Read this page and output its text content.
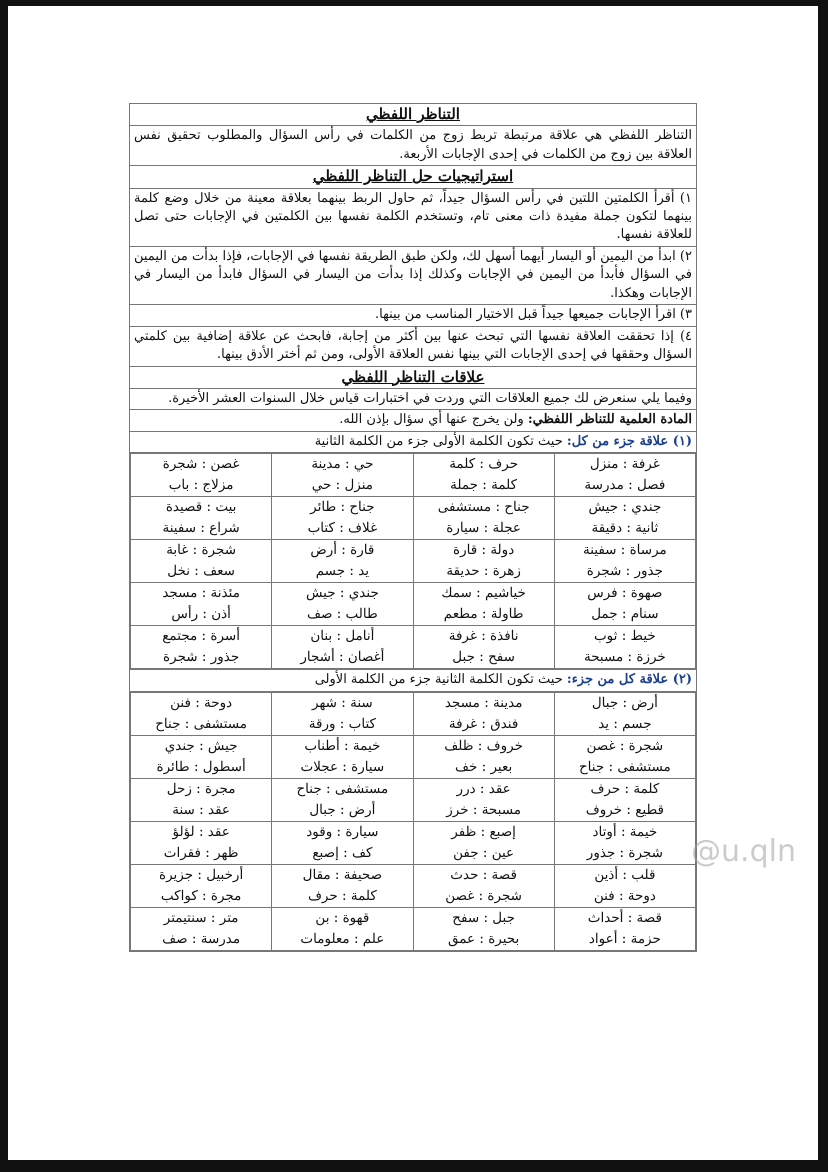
التناظر اللفظي
التناظر اللفظي هي علاقة مرتبطة تربط زوج من الكلمات في رأس السؤال والمطلوب تحقيق نفس العلاقة بين زوج من الكلمات في إحدى الإجابات الأربعة.
استراتيجيات حل التناظر اللفظي
١) أقرأ الكلمتين اللتين في رأس السؤال جيداً، ثم حاول الربط بينهما بعلاقة معينة من خلال وضع كلمة بينهما لتكون جملة مفيدة ذات معنى تام، وتستخدم الكلمة نفسها بين الكلمتين في الإجابات حتى تصل للعلاقة نفسها.
٢) ابدأ من اليمين أو اليسار أيهما أسهل لك، ولكن طبق الطريقة نفسها في الإجابات، فإذا بدأت من اليمين في السؤال فأبدأ من اليمين في الإجابات وكذلك إذا بدأت من اليسار في السؤال فابدأ من اليسار في الإجابات وهكذا.
٣) اقرأ الإجابات جميعها جيداً قبل الاختيار المناسب من بينها.
٤) إذا تحققت العلاقة نفسها التي تبحث عنها بين أكثر من إجابة، فابحث عن علاقة إضافية بين كلمتي السؤال وحققها في إحدى الإجابات التي بينها نفس العلاقة الأولى، ومن ثم أختر الأدق بينها.
علاقات التناظر اللفظي
وفيما يلي سنعرض لك جميع العلاقات التي وردت في اختبارات قياس خلال السنوات العشر الأخيرة.
المادة العلمية للتناظر اللفظي: ولن يخرج عنها أي سؤال بإذن الله.
(١) علاقة جزء من كل: حيث تكون الكلمة الأولى جزء من الكلمة الثانية

غرفة : منزل	حرف : كلمة	حي : مدينة	غصن : شجرة
فصل : مدرسة	كلمة : جملة	منزل : حي	مزلاج : باب
جندي : جيش	جناح : مستشفى	جناح : طائر	بيت : قصيدة
ثانية : دقيقة	عجلة : سيارة	غلاف : كتاب	شراع : سفينة
مرساة : سفينة	دولة : قارة	قارة : أرض	شجرة : غابة
جذور : شجرة	زهرة : حديقة	يد : جسم	سعف : نخل
صهوة : فرس	خياشيم : سمك	جندي : جيش	مئذنة : مسجد
سنام : جمل	طاولة : مطعم	طالب : صف	أذن : رأس
خيط : ثوب	نافذة : غرفة	أنامل : بنان	أسرة : مجتمع
خرزة : مسبحة	سفح : جبل	أغصان : أشجار	جذور : شجرة

(٢) علاقة كل من جزء: حيث تكون الكلمة الثانية جزء من الكلمة الأولى

أرض : جبال	مدينة : مسجد	سنة : شهر	دوحة : فنن
جسم : يد	فندق : غرفة	كتاب : ورقة	مستشفى : جناح
شجرة : غصن	خروف : ظلف	خيمة : أطناب	جيش : جندي
مستشفى : جناح	بعير : خف	سيارة : عجلات	أسطول : طائرة
كلمة : حرف	عقد : درر	مستشفى : جناح	مجرة : زحل
قطيع : خروف	مسبحة : خرز	أرض : جبال	عقد : سنة
خيمة : أوتاد	إصبع : ظفر	سيارة : وقود	عقد : لؤلؤ
شجرة : جذور	عين : جفن	كف : إصبع	ظهر : فقرات
قلب : أذين	قصة : حدث	صحيفة : مقال	أرخبيل : جزيرة
دوحة : فنن	شجرة : غصن	كلمة : حرف	مجرة : كواكب
قصة : أحداث	جبل : سفح	قهوة : بن	متر : سنتيمتر
حزمة : أعواد	بحيرة : عمق	علم : معلومات	مدرسة : صف
@u.qln
